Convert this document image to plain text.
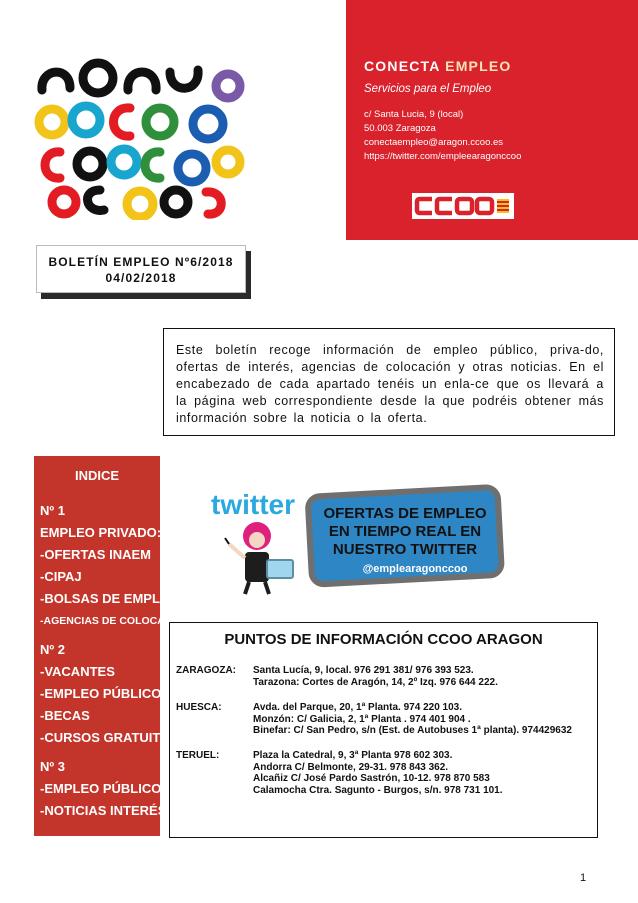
CONECTA EMPLEO
Servicios para el Empleo
c/ Santa Lucia, 9 (local)
50.003 Zaragoza
conectaempleo@aragon.ccoo.es
https://twitter.com/empleearagonccoo
BOLETÍN EMPLEO Nº6/2018
04/02/2018
Este boletín recoge información de empleo público, priva-do, ofertas de interés, agencias de colocación y otras noticias. En el encabezado de cada apartado tenéis un enla-ce que os llevará a la página web correspondiente desde la que podréis obtener más información sobre la noticia o la oferta.
INDICE
Nº 1
EMPLEO PRIVADO:
-OFERTAS INAEM
-CIPAJ
-BOLSAS DE EMPLEO
-AGENCIAS DE COLOCACIÓN
Nº 2
-VACANTES
-EMPLEO PÚBLICO
-BECAS
-CURSOS GRATUITOS
Nº 3
-EMPLEO PÚBLICO
-NOTICIAS INTERÉS
twitter OFERTAS DE EMPLEO
EN TIEMPO REAL EN
NUESTRO TWITTER
@emplearagonccoo
PUNTOS DE INFORMACIÓN CCOO ARAGON
ZARAGOZA: Santa Lucía, 9, local. 976 291 381/ 976 393 523.
Tarazona: Cortes de Aragón, 14, 2º Izq. 976 644 222.
HUESCA:	Avda. del Parque, 20, 1ª Planta. 974 220 103.
Monzón: C/ Galicia, 2, 1ª Planta . 974 401 904 .
Binefar: C/ San Pedro, s/n (Est. de Autobuses 1ª planta). 974429632
TERUEL:	Plaza la Catedral, 9, 3ª Planta 978 602 303.
Andorra C/ Belmonte, 29-31. 978 843 362.
Alcañiz C/ José Pardo Sastrón, 10-12. 978 870 583
Calamocha Ctra. Sagunto - Burgos, s/n. 978 731 101.
1
